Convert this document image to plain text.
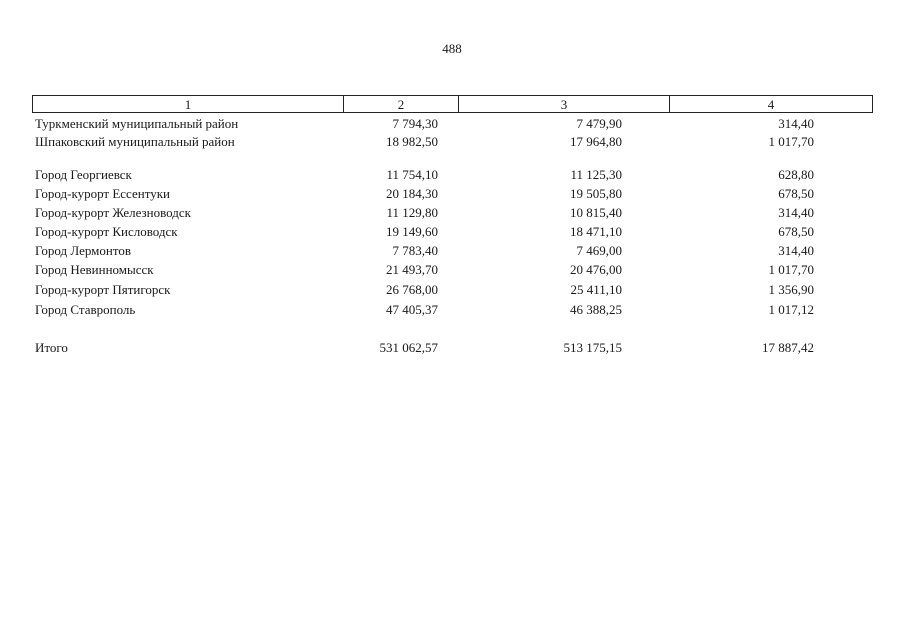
488
1	2	3	4
Туркменский муниципальный район	7 794,30	7 479,90	314,40
Шпаковский муниципальный район	18 982,50	17 964,80	1 017,70
Город Георгиевск	11 754,10	11 125,30	628,80
Город-курорт Ессентуки	20 184,30	19 505,80	678,50
Город-курорт Железноводск	11 129,80	10 815,40	314,40
Город-курорт Кисловодск	19 149,60	18 471,10	678,50
Город Лермонтов	7 783,40	7 469,00	314,40
Город Невинномысск	21 493,70	20 476,00	1 017,70
Город-курорт Пятигорск	26 768,00	25 411,10	1 356,90
Город Ставрополь	47 405,37	46 388,25	1 017,12
Итого	531 062,57	513 175,15	17 887,42
